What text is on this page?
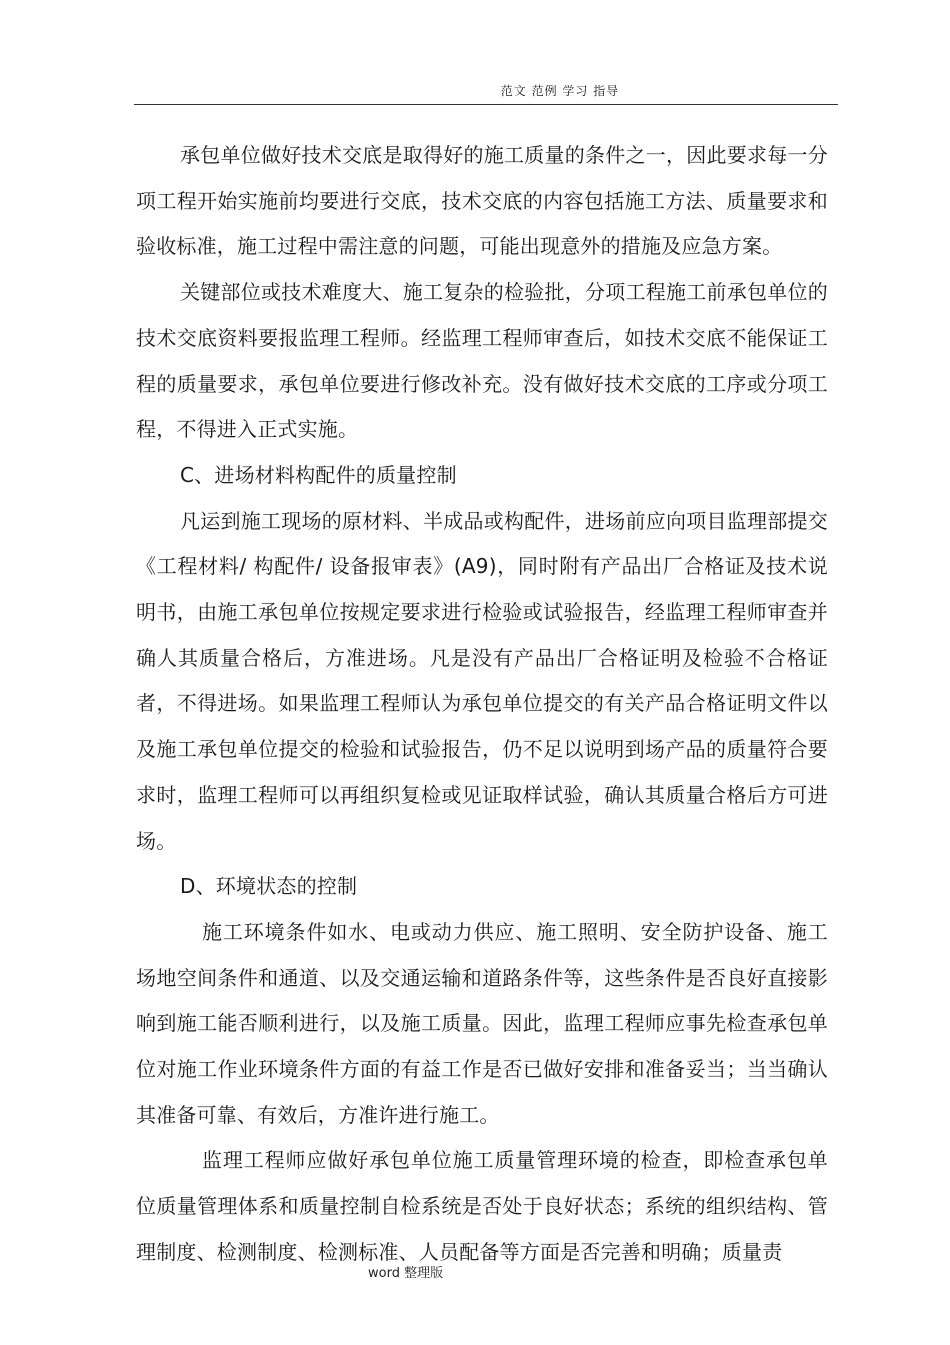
范文 范例 学习 指导

承包单位做好技术交底是取得好的施工质量的条件之一，因此要求每一分项工程开始实施前均要进行交底，技术交底的内容包括施工方法、质量要求和验收标准，施工过程中需注意的问题，可能出现意外的措施及应急方案。

关键部位或技术难度大、施工复杂的检验批，分项工程施工前承包单位的技术交底资料要报监理工程师。经监理工程师审查后，如技术交底不能保证工程的质量要求，承包单位要进行修改补充。没有做好技术交底的工序或分项工程，不得进入正式实施。

C、进场材料构配件的质量控制

凡运到施工现场的原材料、半成品或构配件，进场前应向项目监理部提交《工程材料/ 构配件/ 设备报审表》(A9)，同时附有产品出厂合格证及技术说明书，由施工承包单位按规定要求进行检验或试验报告，经监理工程师审查并确人其质量合格后，方准进场。凡是没有产品出厂合格证明及检验不合格证者，不得进场。如果监理工程师认为承包单位提交的有关产品合格证明文件以及施工承包单位提交的检验和试验报告，仍不足以说明到场产品的质量符合要求时，监理工程师可以再组织复检或见证取样试验，确认其质量合格后方可进场。

D、环境状态的控制

施工环境条件如水、电或动力供应、施工照明、安全防护设备、施工场地空间条件和通道、以及交通运输和道路条件等，这些条件是否良好直接影响到施工能否顺利进行，以及施工质量。因此，监理工程师应事先检查承包单位对施工作业环境条件方面的有益工作是否已做好安排和准备妥当；当当确认其准备可靠、有效后，方准许进行施工。

监理工程师应做好承包单位施工质量管理环境的检查，即检查承包单位质量管理体系和质量控制自检系统是否处于良好状态；系统的组织结构、管理制度、检测制度、检测标准、人员配备等方面是否完善和明确；质量责

word 整理版
